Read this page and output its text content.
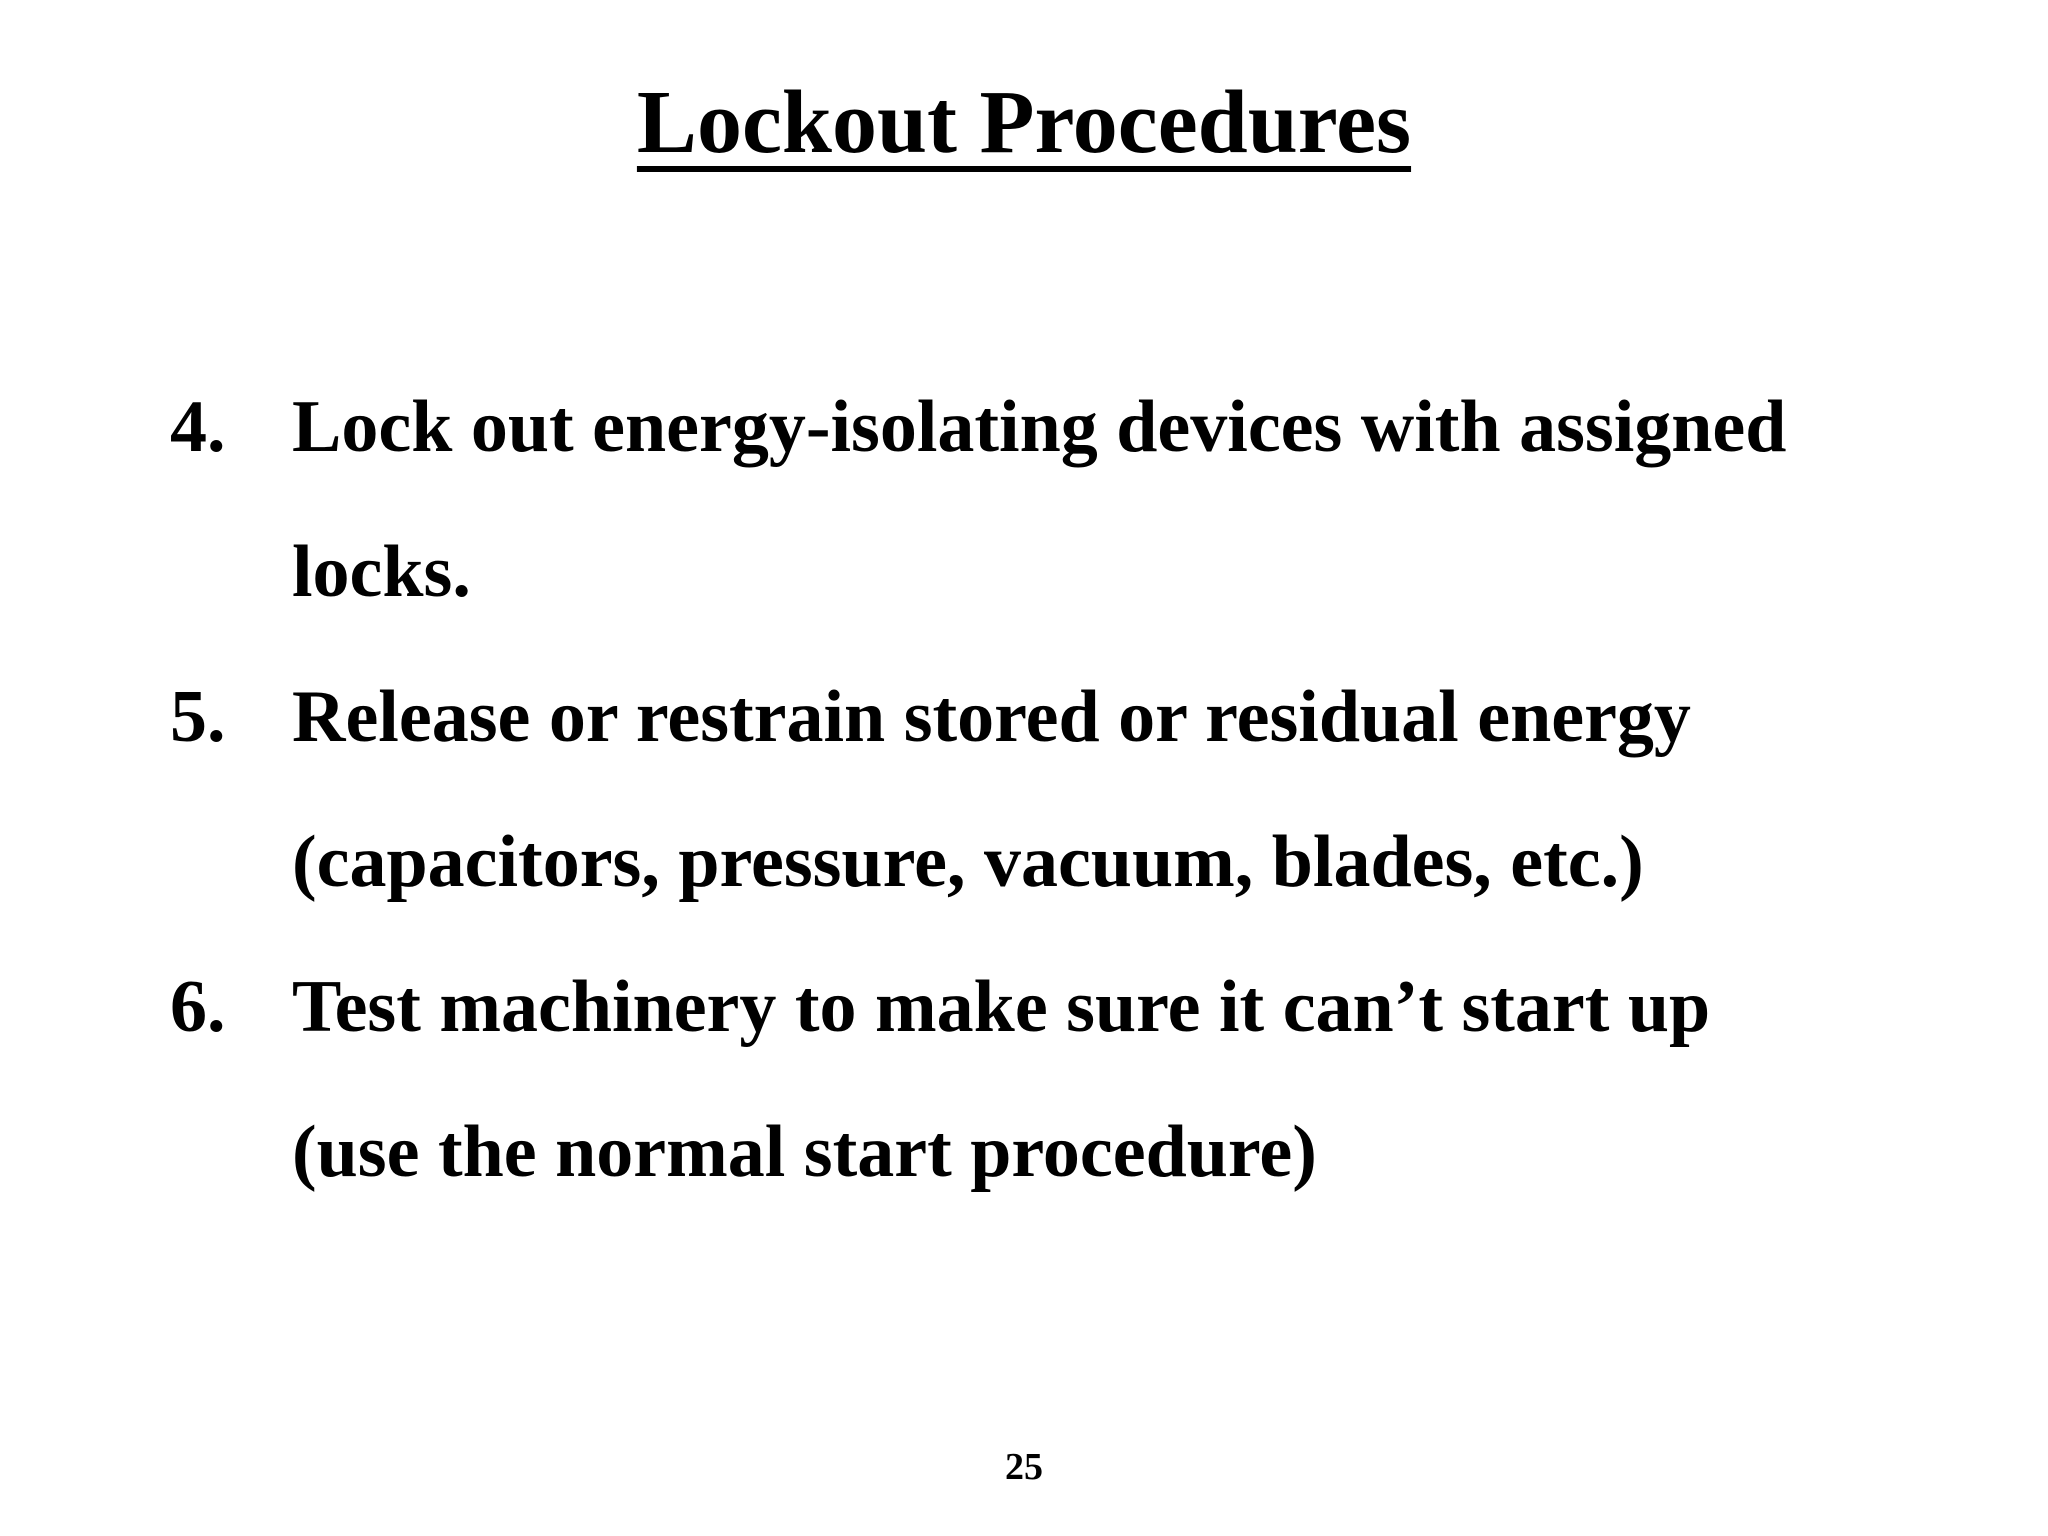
Lockout Procedures
4. Lock out energy-isolating devices with assigned
locks.
5. Release or restrain stored or residual energy
(capacitors, pressure, vacuum, blades, etc.)
6. Test machinery to make sure it can’t start up
(use the normal start procedure)
25
